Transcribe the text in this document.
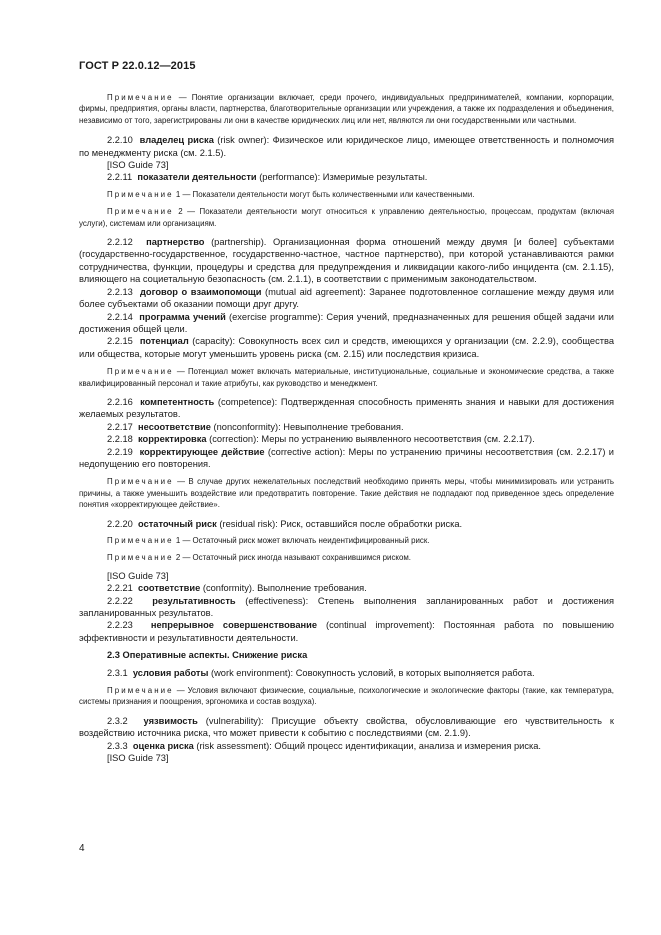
ГОСТ Р 22.0.12—2015
Примечание — Понятие организации включает, среди прочего, индивидуальных предпринимателей, компании, корпорации, фирмы, предприятия, органы власти, партнерства, благотворительные организации или учреждения, а также их подразделения и объединения, независимо от того, зарегистрированы ли они в качестве юридических лиц или нет, являются ли они государственными или частными.
2.2.10 владелец риска (risk owner): Физическое или юридическое лицо, имеющее ответственность и полномочия по менеджменту риска (см. 2.1.5).
[ISO Guide 73]
2.2.11 показатели деятельности (performance): Измеримые результаты.
Примечание 1 — Показатели деятельности могут быть количественными или качественными.
Примечание 2 — Показатели деятельности могут относиться к управлению деятельностью, процессам, продуктам (включая услуги), системам или организациям.
2.2.12 партнерство (partnership). Организационная форма отношений между двумя [и более] субъектами (государственно-государственное, государственно-частное, частное партнерство), при которой устанавливаются рамки сотрудничества, функции, процедуры и средства для предупреждения и ликвидации какого-либо инцидента (см. 2.1.15), влияющего на социетальную безопасность (см. 2.1.1), в соответствии с применимым законодательством.
2.2.13 договор о взаимопомощи (mutual aid agreement): Заранее подготовленное соглашение между двумя или более субъектами об оказании помощи друг другу.
2.2.14 программа учений (exercise programme): Серия учений, предназначенных для решения общей задачи или достижения общей цели.
2.2.15 потенциал (capacity): Совокупность всех сил и средств, имеющихся у организации (см. 2.2.9), сообщества или общества, которые могут уменьшить уровень риска (см. 2.15) или последствия кризиса.
Примечание — Потенциал может включать материальные, институциональные, социальные и экономические средства, а также квалифицированный персонал и такие атрибуты, как руководство и менеджмент.
2.2.16 компетентность (competence): Подтвержденная способность применять знания и навыки для достижения желаемых результатов.
2.2.17 несоответствие (nonconformity): Невыполнение требования.
2.2.18 корректировка (correction): Меры по устранению выявленного несоответствия (см. 2.2.17).
2.2.19 корректирующее действие (corrective action): Меры по устранению причины несоответствия (см. 2.2.17) и недопущению его повторения.
Примечание — В случае других нежелательных последствий необходимо принять меры, чтобы минимизировать или устранить причины, а также уменьшить воздействие или предотвратить повторение. Такие действия не подпадают под приведенное здесь определение понятия «корректирующее действие».
2.2.20 остаточный риск (residual risk): Риск, оставшийся после обработки риска.
Примечание 1 — Остаточный риск может включать неидентифицированный риск.
Примечание 2 — Остаточный риск иногда называют сохранившимся риском.
[ISO Guide 73]
2.2.21 соответствие (conformity). Выполнение требования.
2.2.22 результативность (effectiveness): Степень выполнения запланированных работ и достижения запланированных результатов.
2.2.23 непрерывное совершенствование (continual improvement): Постоянная работа по повышению эффективности и результативности деятельности.
2.3 Оперативные аспекты. Снижение риска
2.3.1 условия работы (work environment): Совокупность условий, в которых выполняется работа.
Примечание — Условия включают физические, социальные, психологические и экологические факторы (такие, как температура, системы признания и поощрения, эргономика и состав воздуха).
2.3.2 уязвимость (vulnerability): Присущие объекту свойства, обусловливающие его чувствительность к воздействию источника риска, что может привести к событию с последствиями (см. 2.1.9).
2.3.3 оценка риска (risk assessment): Общий процесс идентификации, анализа и измерения риска.
[ISO Guide 73]
4
